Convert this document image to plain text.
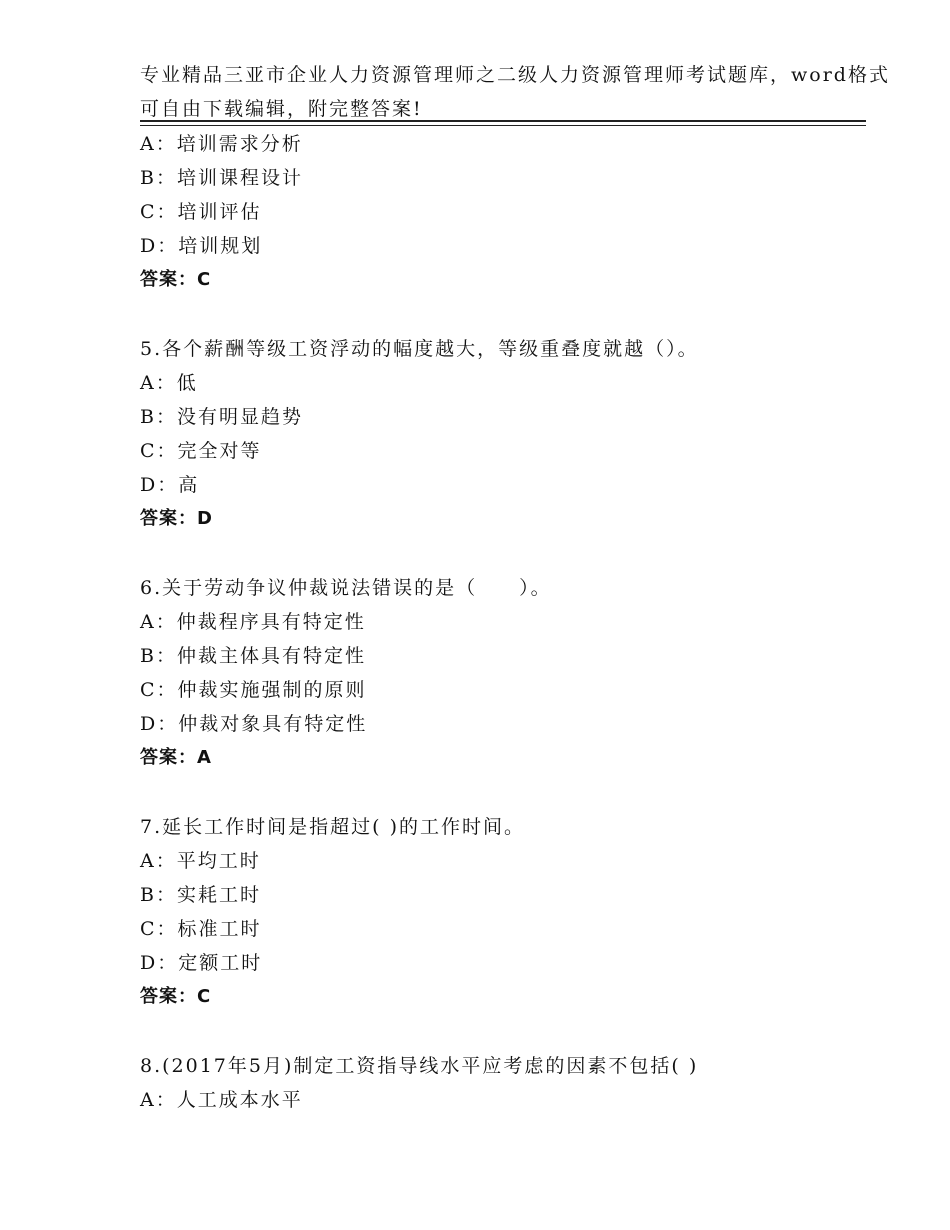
专业精品三亚市企业人力资源管理师之二级人力资源管理师考试题库，word格式
可自由下载编辑，附完整答案!
A：培训需求分析
B：培训课程设计
C：培训评估
D：培训规划
答案：C
5.各个薪酬等级工资浮动的幅度越大，等级重叠度就越（）。
A：低
B：没有明显趋势
C：完全对等
D：高
答案：D
6.关于劳动争议仲裁说法错误的是（　　）。
A：仲裁程序具有特定性
B：仲裁主体具有特定性
C：仲裁实施强制的原则
D：仲裁对象具有特定性
答案：A
7.延长工作时间是指超过( )的工作时间。
A：平均工时
B：实耗工时
C：标准工时
D：定额工时
答案：C
8.(2017年5月)制定工资指导线水平应考虑的因素不包括( )
A：人工成本水平
